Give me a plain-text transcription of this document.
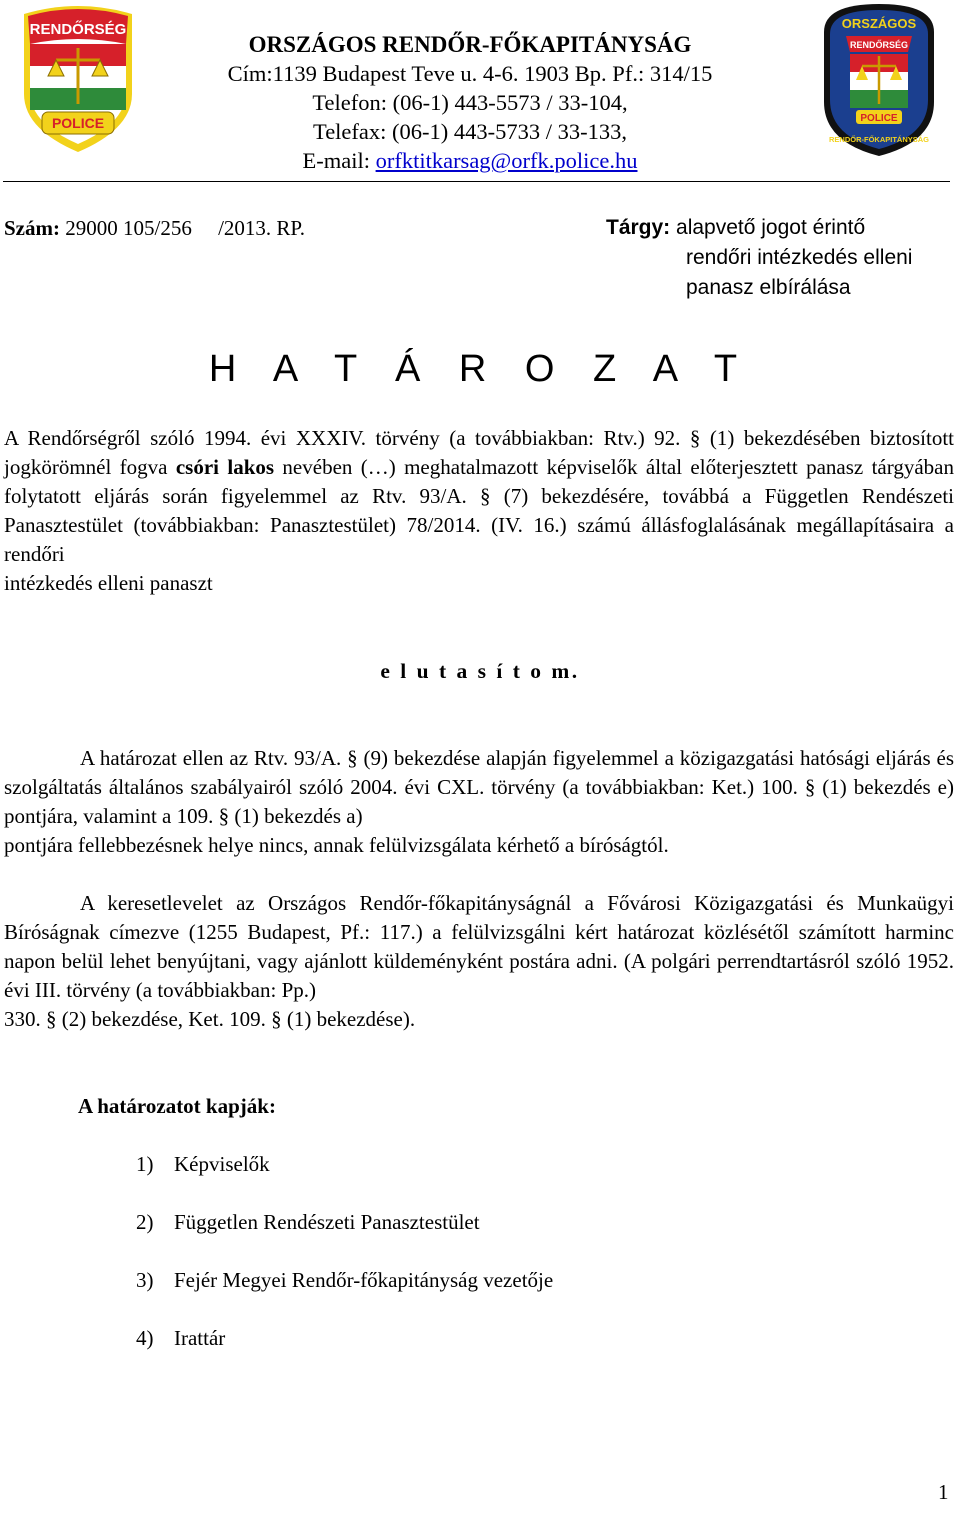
RENDŐRSÉG
POLICE
ORSZÁGOS RENDŐR-FŐKAPITÁNYSÁG
Cím:1139 Budapest Teve u. 4-6. 1903 Bp. Pf.: 314/15
Telefon: (06-1) 443-5573 / 33-104,
Telefax: (06-1) 443-5733 / 33-133,
E-mail: orfktitkarsag@orfk.police.hu
ORSZÁGOS
RENDŐRSÉG
POLICE
RENDŐR-FŐKAPITÁNYSÁG
Szám: 29000 105/256     /2013. RP.	Tárgy: alapvető jogot érintő
rendőri intézkedés elleni
panasz elbírálása
H A T Á R O Z A T
A Rendőrségről szóló 1994. évi XXXIV. törvény (a továbbiakban: Rtv.) 92. § (1) bekezdésében biztosított jogkörömnél fogva csóri lakos nevében (…) meghatalmazott képviselők által előterjesztett panasz tárgyában folytatott eljárás során figyelemmel az Rtv. 93/A. § (7) bekezdésére, továbbá a Független Rendészeti Panasztestület (továbbiakban: Panasztestület) 78/2014. (IV. 16.) számú állásfoglalásának megállapításaira a rendőri
intézkedés elleni panaszt
e l u t a s í t o m.
A határozat ellen az Rtv. 93/A. § (9) bekezdése alapján figyelemmel a közigazgatási hatósági eljárás és szolgáltatás általános szabályairól szóló 2004. évi CXL. törvény (a továbbiakban: Ket.) 100. § (1) bekezdés e) pontjára, valamint a 109. § (1) bekezdés a)
pontjára fellebbezésnek helye nincs, annak felülvizsgálata kérhető a bíróságtól.
A keresetlevelet az Országos Rendőr-főkapitányságnál a Fővárosi Közigazgatási és Munkaügyi Bíróságnak címezve (1255 Budapest, Pf.: 117.) a felülvizsgálni kért határozat közlésétől számított harminc napon belül lehet benyújtani, vagy ajánlott küldeményként postára adni. (A polgári perrendtartásról szóló 1952. évi III. törvény (a továbbiakban: Pp.)
330. § (2) bekezdése, Ket. 109. § (1) bekezdése).
A határozatot kapják:
1) Képviselők
2) Független Rendészeti Panasztestület
3) Fejér Megyei Rendőr-főkapitányság vezetője
4) Irattár
1
